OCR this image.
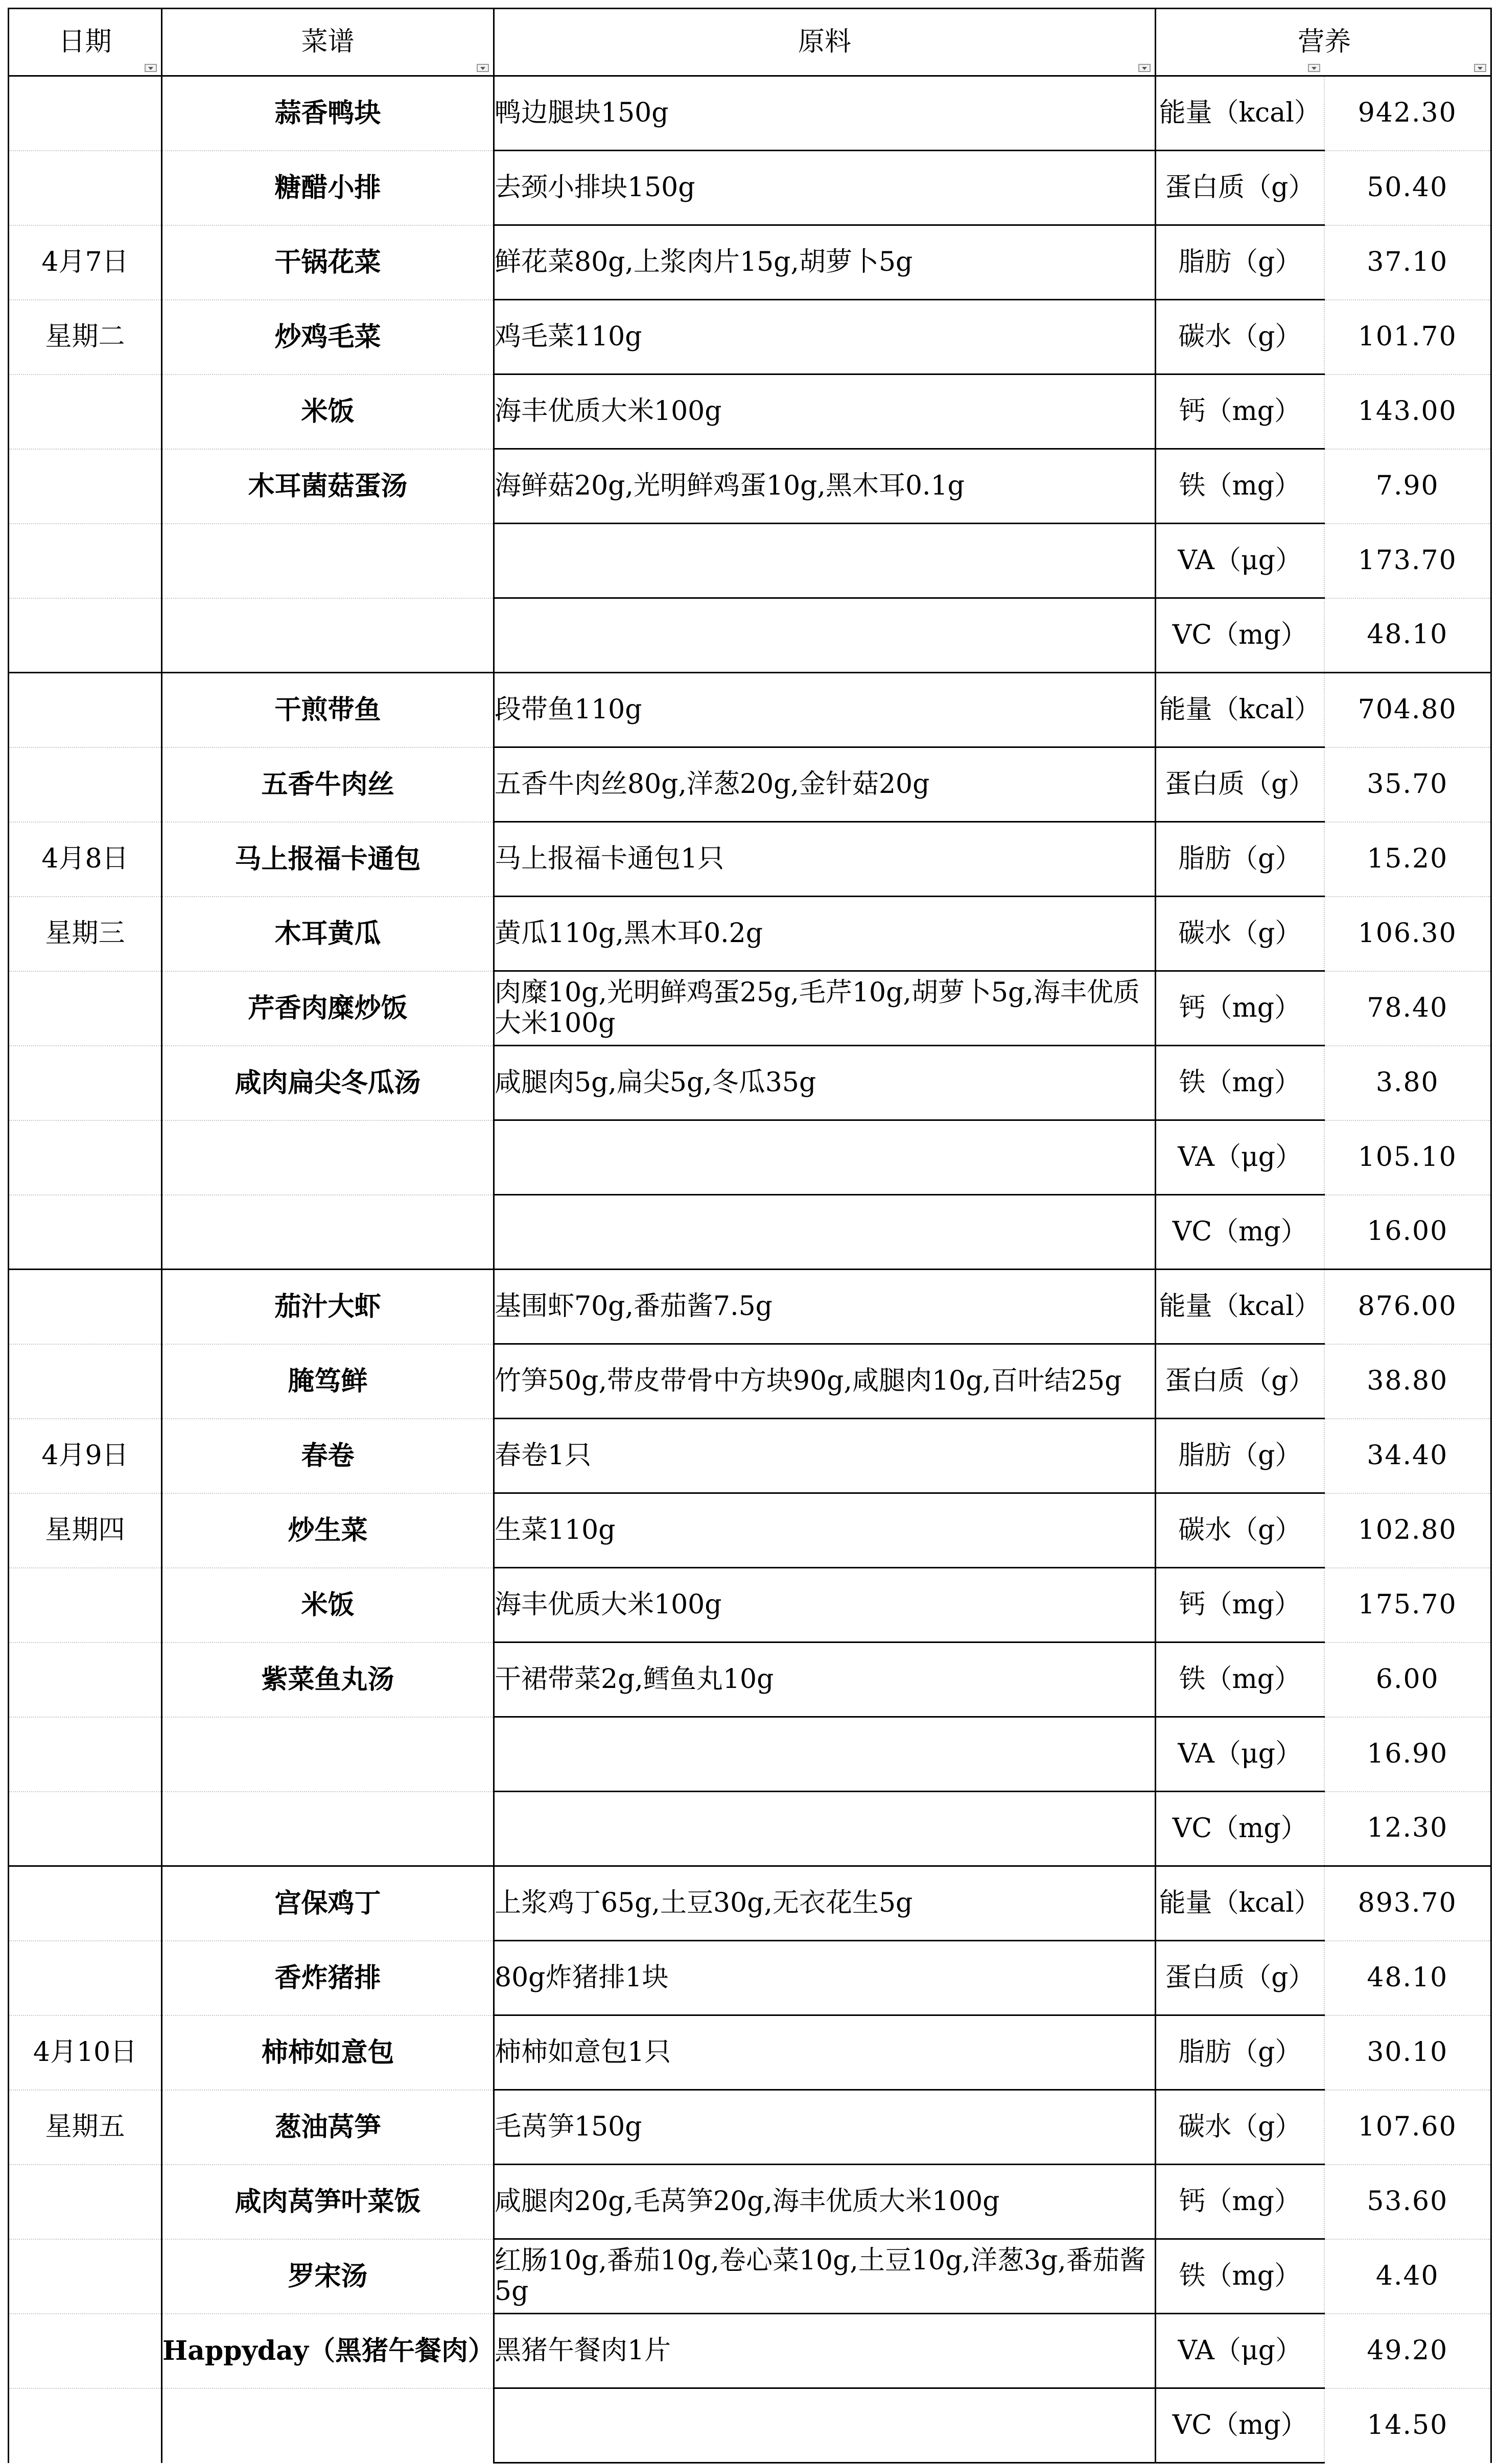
日期	菜谱	原料	营养

	蒜香鸭块	鸭边腿块150g	能量（kcal）	942.30
	糖醋小排	去颈小排块150g	蛋白质（g）	50.40
4月7日	干锅花菜	鲜花菜80g,上浆肉片15g,胡萝卜5g	脂肪（g）	37.10
星期二	炒鸡毛菜	鸡毛菜110g	碳水（g）	101.70
	米饭	海丰优质大米100g	钙（mg）	143.00
	木耳菌菇蛋汤	海鲜菇20g,光明鲜鸡蛋10g,黑木耳0.1g	铁（mg）	7.90
			VA（μg）	173.70
			VC（mg）	48.10
	干煎带鱼	段带鱼110g	能量（kcal）	704.80
	五香牛肉丝	五香牛肉丝80g,洋葱20g,金针菇20g	蛋白质（g）	35.70
4月8日	马上报福卡通包	马上报福卡通包1只	脂肪（g）	15.20
星期三	木耳黄瓜	黄瓜110g,黑木耳0.2g	碳水（g）	106.30
	芹香肉糜炒饭	肉糜10g,光明鲜鸡蛋25g,毛芹10g,胡萝卜5g,海丰优质大米100g	钙（mg）	78.40
	咸肉扁尖冬瓜汤	咸腿肉5g,扁尖5g,冬瓜35g	铁（mg）	3.80
			VA（μg）	105.10
			VC（mg）	16.00
	茄汁大虾	基围虾70g,番茄酱7.5g	能量（kcal）	876.00
	腌笃鲜	竹笋50g,带皮带骨中方块90g,咸腿肉10g,百叶结25g	蛋白质（g）	38.80
4月9日	春卷	春卷1只	脂肪（g）	34.40
星期四	炒生菜	生菜110g	碳水（g）	102.80
	米饭	海丰优质大米100g	钙（mg）	175.70
	紫菜鱼丸汤	干裙带菜2g,鳕鱼丸10g	铁（mg）	6.00
			VA（μg）	16.90
			VC（mg）	12.30
	宫保鸡丁	上浆鸡丁65g,土豆30g,无衣花生5g	能量（kcal）	893.70
	香炸猪排	80g炸猪排1块	蛋白质（g）	48.10
4月10日	柿柿如意包	柿柿如意包1只	脂肪（g）	30.10
星期五	葱油莴笋	毛莴笋150g	碳水（g）	107.60
	咸肉莴笋叶菜饭	咸腿肉20g,毛莴笋20g,海丰优质大米100g	钙（mg）	53.60
	罗宋汤	红肠10g,番茄10g,卷心菜10g,土豆10g,洋葱3g,番茄酱5g	铁（mg）	4.40
	Happyday（黑猪午餐肉）	黑猪午餐肉1片	VA（μg）	49.20
			VC（mg）	14.50
